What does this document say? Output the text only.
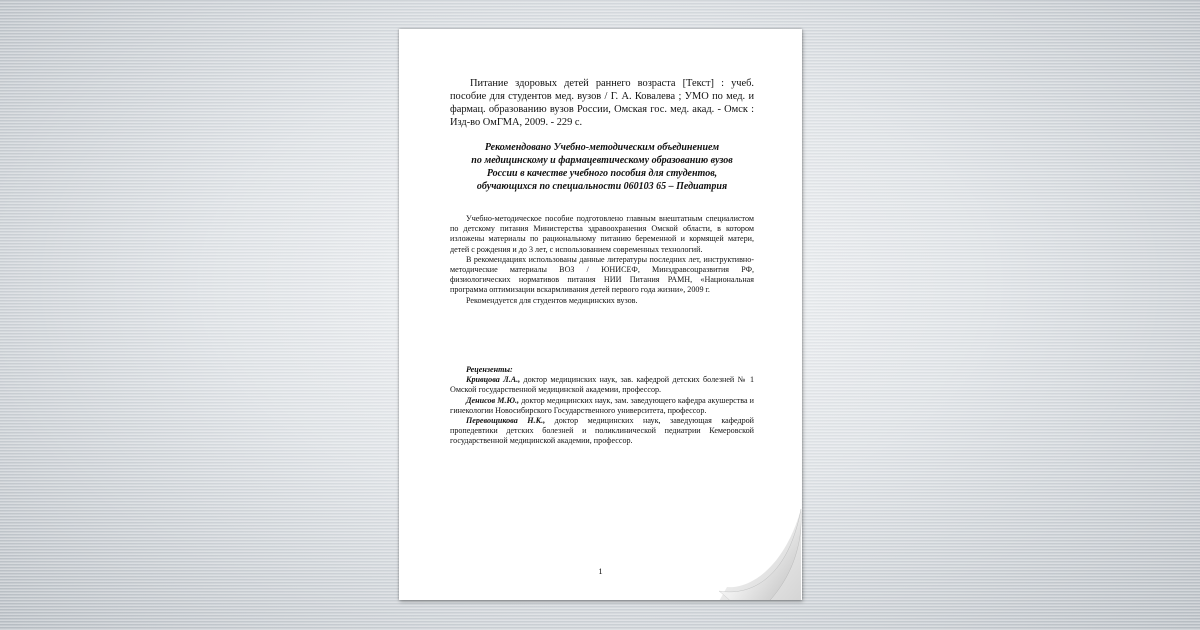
Питание здоровых детей раннего возраста [Текст] : учеб. пособие для студентов мед. вузов / Г. А. Ковалева ; УМО по мед. и фармац. образованию вузов России, Омская гос. мед. акад. - Омск : Изд-во ОмГМА, 2009. - 229 с.
Рекомендовано Учебно-методическим объединением
по медицинскому и фармацевтическому образованию вузов
России в качестве учебного пособия для студентов,
обучающихся по специальности 060103 65 – Педиатрия

Учебно-методическое пособие подготовлено главным внештатным специалистом по детскому питания Министерства здравоохранения Омской области, в котором изложены материалы по рациональному питанию беременной и кормящей матери, детей с рождения и до 3 лет, с использованием современных технологий.

В рекомендациях использованы данные литературы последних лет, инструктивно-методические материалы ВОЗ / ЮНИСЕФ, Минздравсоцразвития РФ, физиологических нормативов питания НИИ Питания РАМН, «Национальная программа оптимизации вскармливания детей первого года жизни», 2009 г.

Рекомендуется для студентов медицинских вузов.

Рецензенты:

Кривцова Л.А., доктор медицинских наук, зав. кафедрой детских болезней № 1 Омской государственной медицинской академии, профессор.

Денисов М.Ю., доктор медицинских наук, зам. заведующего кафедра акушерства и гинекологии Новосибирского Государственного университета, профессор.

Перевощикова Н.К., доктор медицинских наук, заведующая кафедрой пропедевтики детских болезней и поликлинической педиатрии Кемеровской государственной медицинской академии, профессор.

1
